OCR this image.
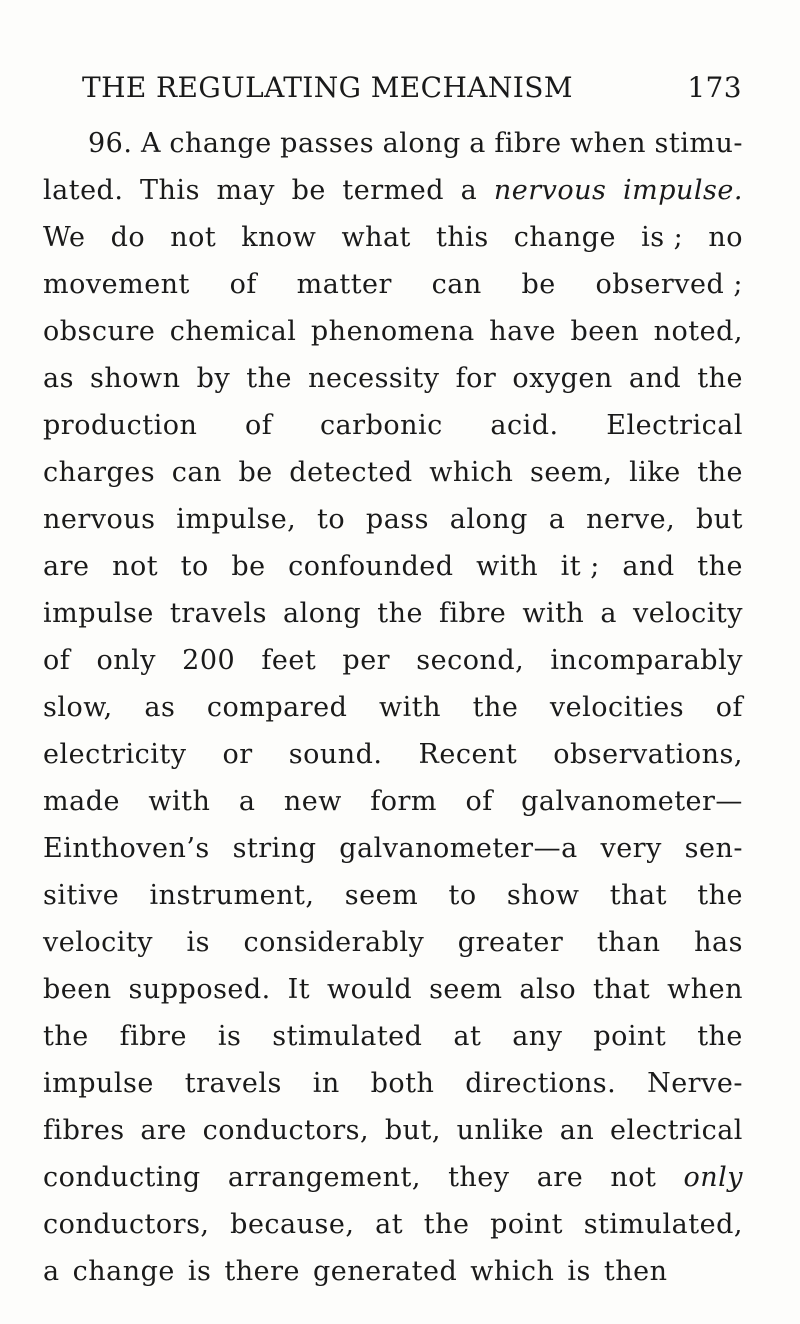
THE REGULATING MECHANISM	173
96. A change passes along a fibre when stimu-
lated. This may be termed a nervous impulse.
We do not know what this change is ; no
movement of matter can be observed ;
obscure chemical phenomena have been noted,
as shown by the necessity for oxygen and the
production of carbonic acid. Electrical
charges can be detected which seem, like the
nervous impulse, to pass along a nerve, but
are not to be confounded with it ; and the
impulse travels along the fibre with a velocity
of only 200 feet per second, incomparably
slow, as compared with the velocities of
electricity or sound. Recent observations,
made with a new form of galvanometer—
Einthoven’s string galvanometer—a very sen-
sitive instrument, seem to show that the
velocity is considerably greater than has
been supposed. It would seem also that when
the fibre is stimulated at any point the
impulse travels in both directions. Nerve-
fibres are conductors, but, unlike an electrical
conducting arrangement, they are not only
conductors, because, at the point stimulated,
a change is there generated which is then
